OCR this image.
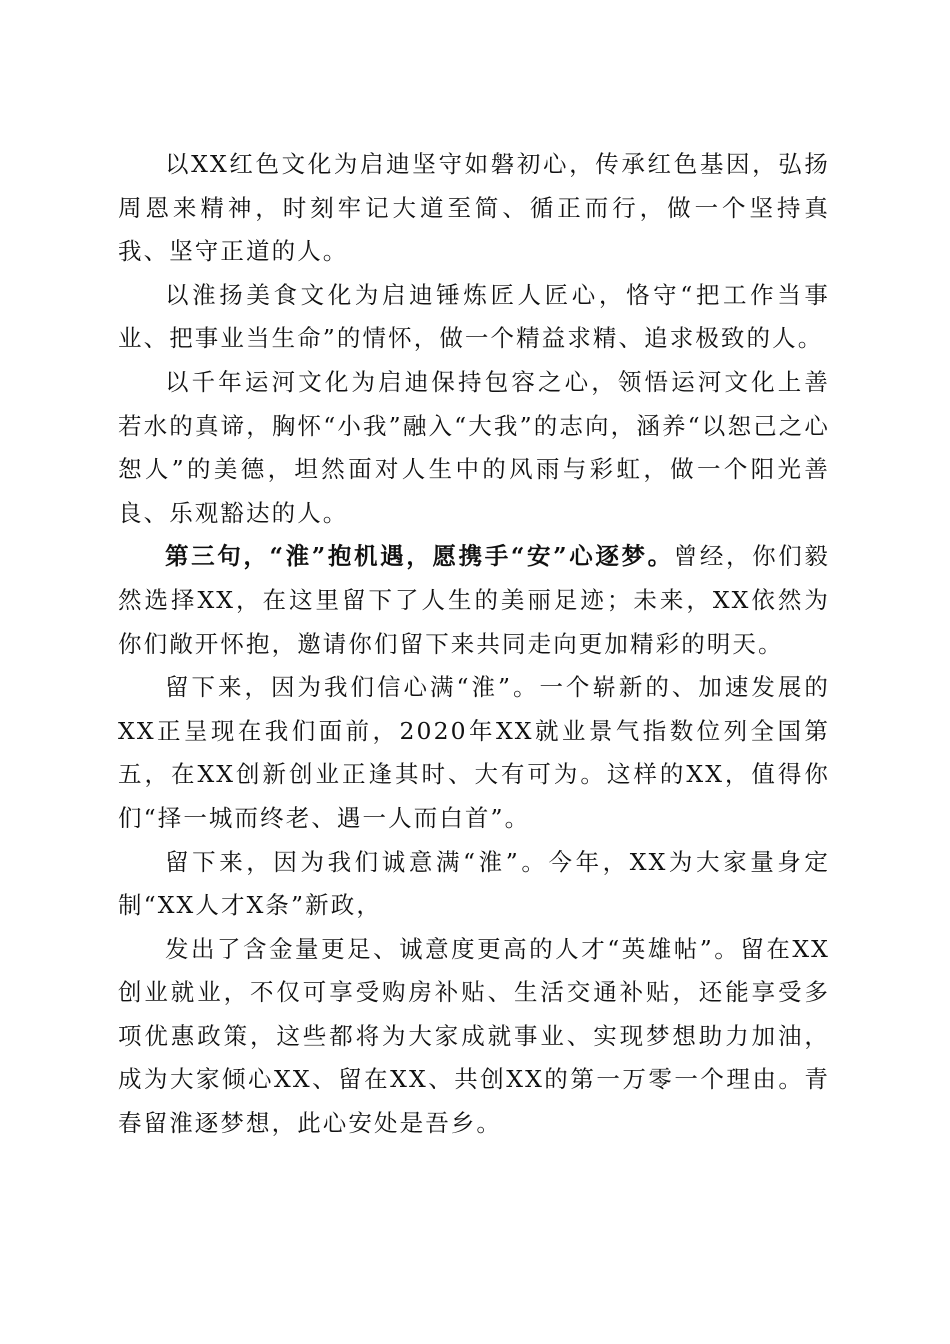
以XX红色文化为启迪坚守如磐初心，传承红色基因，弘扬周恩来精神，时刻牢记大道至简、循正而行，做一个坚持真我、坚守正道的人。

以淮扬美食文化为启迪锤炼匠人匠心，恪守“把工作当事业、把事业当生命”的情怀，做一个精益求精、追求极致的人。

以千年运河文化为启迪保持包容之心，领悟运河文化上善若水的真谛，胸怀“小我”融入“大我”的志向，涵养“以恕己之心恕人”的美德，坦然面对人生中的风雨与彩虹，做一个阳光善良、乐观豁达的人。

第三句，“淮”抱机遇，愿携手“安”心逐梦。曾经，你们毅然选择XX，在这里留下了人生的美丽足迹；未来，XX依然为你们敞开怀抱，邀请你们留下来共同走向更加精彩的明天。

留下来，因为我们信心满“淮”。一个崭新的、加速发展的XX正呈现在我们面前，2020年XX就业景气指数位列全国第五，在XX创新创业正逢其时、大有可为。这样的XX，值得你们“择一城而终老、遇一人而白首”。

留下来，因为我们诚意满“淮”。今年，XX为大家量身定制“XX人才X条”新政，

发出了含金量更足、诚意度更高的人才“英雄帖”。留在XX创业就业，不仅可享受购房补贴、生活交通补贴，还能享受多项优惠政策，这些都将为大家成就事业、实现梦想助力加油，成为大家倾心XX、留在XX、共创XX的第一万零一个理由。青春留淮逐梦想，此心安处是吾乡。
